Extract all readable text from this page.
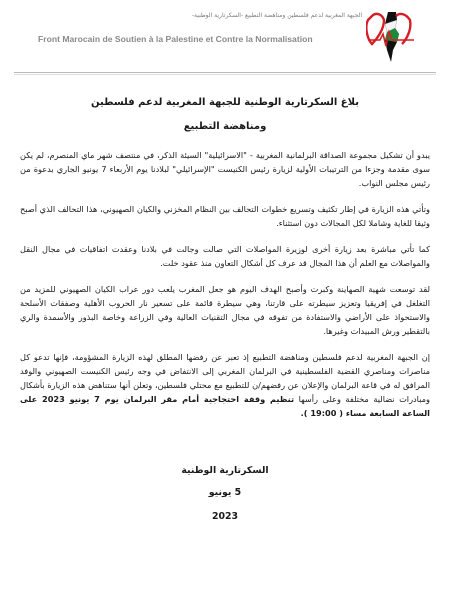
الجبهة المغربية لدعم فلسطين ومناهضة التطبيع -السكرتارية الوطنية-
Front Marocain de Soutien à la Palestine et Contre la Normalisation

بلاغ السكرتارية الوطنية للجبهة المغربية لدعم فلسطين

ومناهضة التطبيع

يبدو أن تشكيل مجموعة الصداقة البرلمانية المغربية - "الاسرائيلية" السيئة الذكر، في منتصف شهر ماي المنصرم، لم يكن سوى مقدمة وجزءا من الترتيبات الأولية لزيارة رئيس الكنيست "الإسرائيلي" لبلادنا يوم الأربعاء 7 يونيو الجاري بدعوة من رئيس مجلس النواب.

وتأتي هذه الزيارة في إطار تكثيف وتسريع خطوات التحالف بين النظام المخزني والكيان الصهيوني، هذا التحالف الذي أصبح وثيقا للغاية وشاملا لكل المجالات دون استثناء.

كما تأتي مباشرة بعد زيارة أخرى لوزيرة المواصلات التي صالت وجالت في بلادنا وعقدت اتفاقيات في مجال النقل والمواصلات مع العلم أن هذا المجال قد عرف كل أشكال التعاون منذ عقود خلت.

لقد توسعت شهية الصهاينة وكبرت وأصبح الهدف اليوم هو جعل المغرب يلعب دور عراب الكيان الصهيوني للمزيد من التغلغل في إفريقيا وتعزيز سيطرته على قارتنا، وهي سيطرة قائمة على تسعير نار الحروب الأهلية وصفقات الأسلحة والاستحواذ على الأراضي والاستفادة من تفوقه في مجال التقنيات العالية وفي الزراعة وخاصة البذور والأسمدة والري بالتقطير ورش المبيدات وغيرها.

إن الجبهة المغربية لدعم فلسطين ومناهضة التطبيع إذ تعبر عن رفضها المطلق لهذه الزيارة المشؤومة، فإنها تدعو كل مناصرات ومناصري القضية الفلسطينية في البرلمان المغربي إلى الانتفاض في وجه رئيس الكنيست الصهيوني والوفد المرافق له في قاعة البرلمان والإعلان عن رفضهم/ن للتطبيع مع محتلي فلسطين، وتعلن أنها ستناهض هذه الزيارة بأشكال ومبادرات نضالية مختلفة وعلى رأسها تنظيم وقفة احتجاجية أمام مقر البرلمان يوم 7 يونيو 2023 على الساعة السابعة مساء ( 19:00 ).

السكرتارية الوطنية

5 يونيو

2023
